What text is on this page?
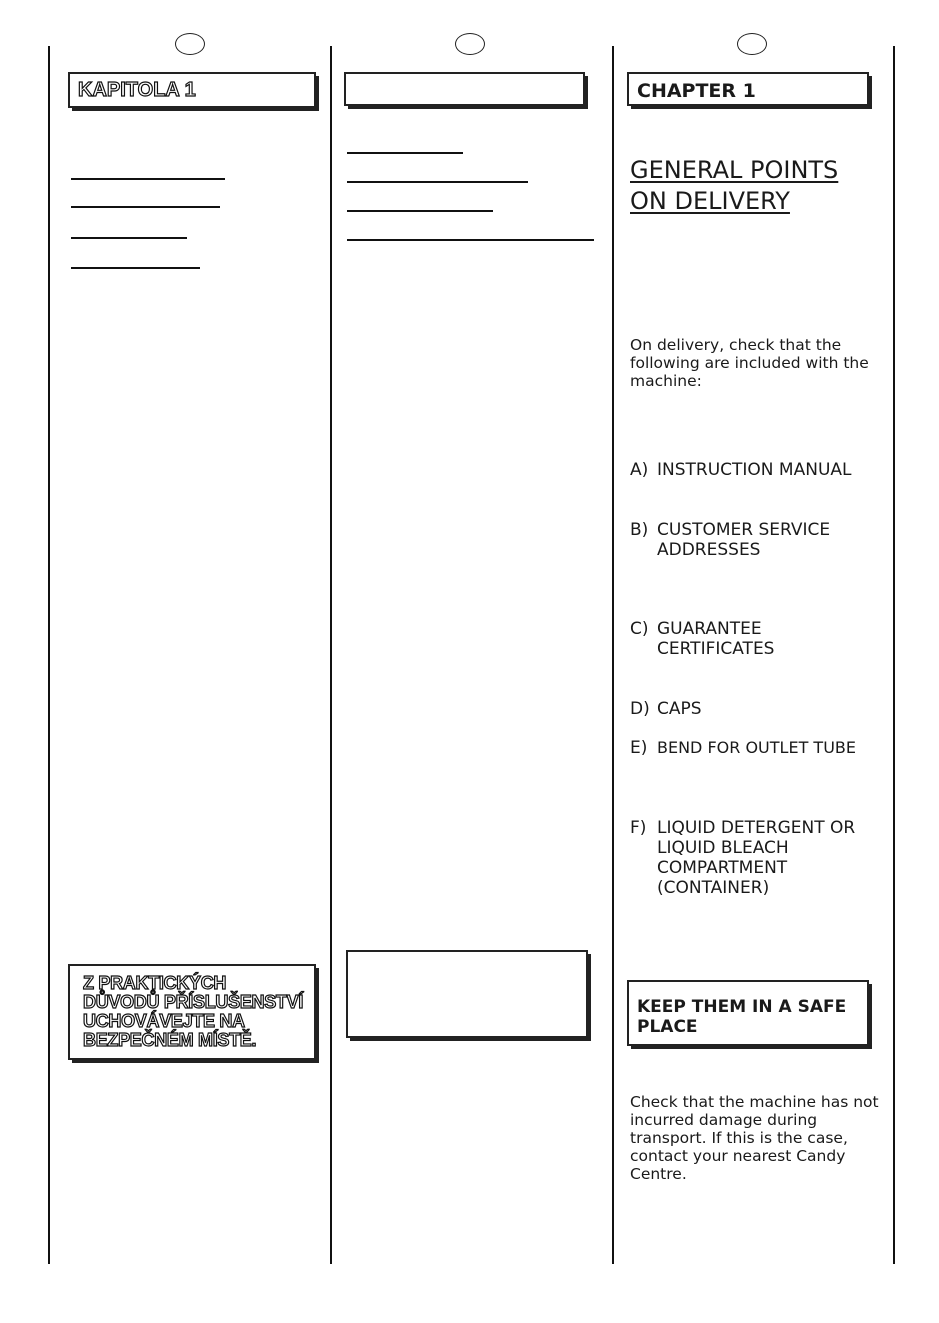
KAPITOLA 1
Z PRAKTICKÝCH
DŮVODŮ PŘÍSLUŠENSTVÍ
UCHOVÁVEJTE NA
BEZPEČNÉM MÍSTĚ.
CHAPTER 1
GENERAL POINTS
ON DELIVERY
On delivery, check that the following are included with the machine:
A) INSTRUCTION MANUAL
B) CUSTOMER SERVICE ADDRESSES
C) GUARANTEE CERTIFICATES
D) CAPS
E) BEND FOR OUTLET TUBE
F) LIQUID DETERGENT OR LIQUID BLEACH COMPARTMENT (CONTAINER)
KEEP THEM IN A SAFE PLACE
Check that the machine has not incurred damage during transport. If this is the case, contact your nearest Candy Centre.
